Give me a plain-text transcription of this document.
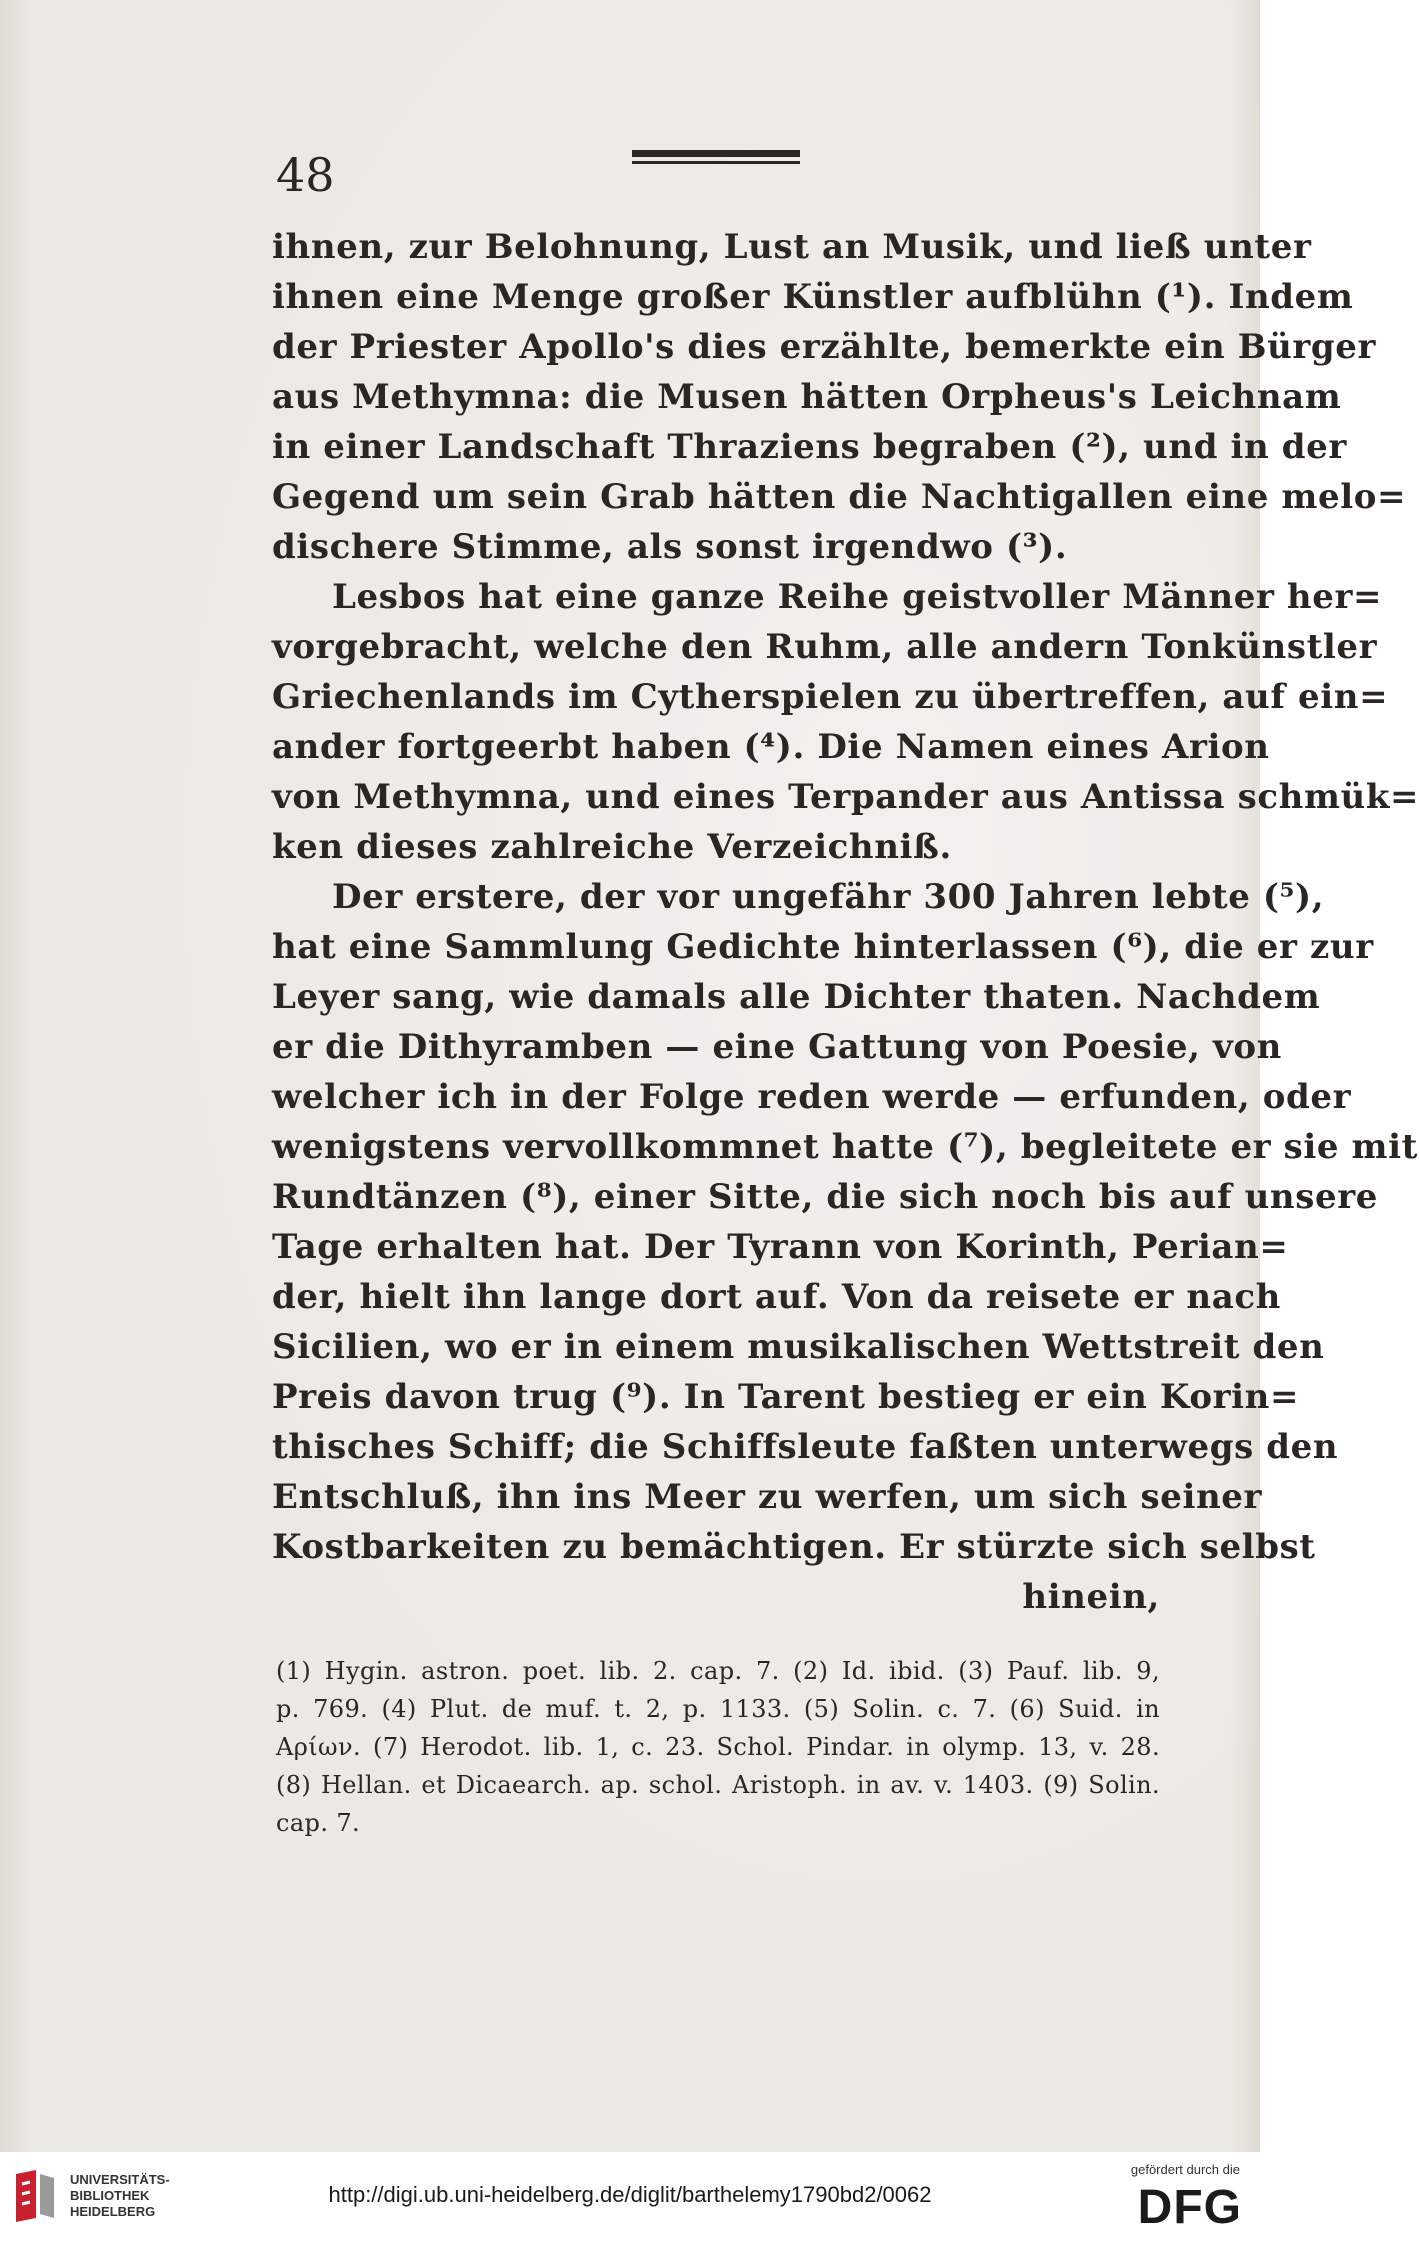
48
ihnen, zur Belohnung, Lust an Musik, und ließ unter
ihnen eine Menge großer Künstler aufblühn (¹). Indem
der Priester Apollo's dies erzählte, bemerkte ein Bürger
aus Methymna: die Musen hätten Orpheus's Leichnam
in einer Landschaft Thraziens begraben (²), und in der
Gegend um sein Grab hätten die Nachtigallen eine melo=
dischere Stimme, als sonst irgendwo (³).
Lesbos hat eine ganze Reihe geistvoller Männer her=
vorgebracht, welche den Ruhm, alle andern Tonkünstler
Griechenlands im Cytherspielen zu übertreffen, auf ein=
ander fortgeerbt haben (⁴). Die Namen eines Arion
von Methymna, und eines Terpander aus Antissa schmük=
ken dieses zahlreiche Verzeichniß.
Der erstere, der vor ungefähr 300 Jahren lebte (⁵),
hat eine Sammlung Gedichte hinterlassen (⁶), die er zur
Leyer sang, wie damals alle Dichter thaten. Nachdem
er die Dithyramben — eine Gattung von Poesie, von
welcher ich in der Folge reden werde — erfunden, oder
wenigstens vervollkommnet hatte (⁷), begleitete er sie mit
Rundtänzen (⁸), einer Sitte, die sich noch bis auf unsere
Tage erhalten hat. Der Tyrann von Korinth, Perian=
der, hielt ihn lange dort auf. Von da reisete er nach
Sicilien, wo er in einem musikalischen Wettstreit den
Preis davon trug (⁹). In Tarent bestieg er ein Korin=
thisches Schiff; die Schiffsleute faßten unterwegs den
Entschluß, ihn ins Meer zu werfen, um sich seiner
Kostbarkeiten zu bemächtigen. Er stürzte sich selbst
hinein,
(1) Hygin. astron. poet. lib. 2. cap. 7. (2) Id. ibid. (3) Pauf. lib. 9,
p. 769. (4) Plut. de muf. t. 2, p. 1133. (5) Solin. c. 7. (6) Suid. in
Αρίων. (7) Herodot. lib. 1, c. 23. Schol. Pindar. in olymp. 13, v. 28.
(8) Hellan. et Dicaearch. ap. schol. Aristoph. in av. v. 1403. (9) Solin.
cap. 7.
UNIVERSITÄTS-
BIBLIOTHEK
HEIDELBERG
http://digi.ub.uni-heidelberg.de/diglit/barthelemy1790bd2/0062
gefördert durch die
DFG
